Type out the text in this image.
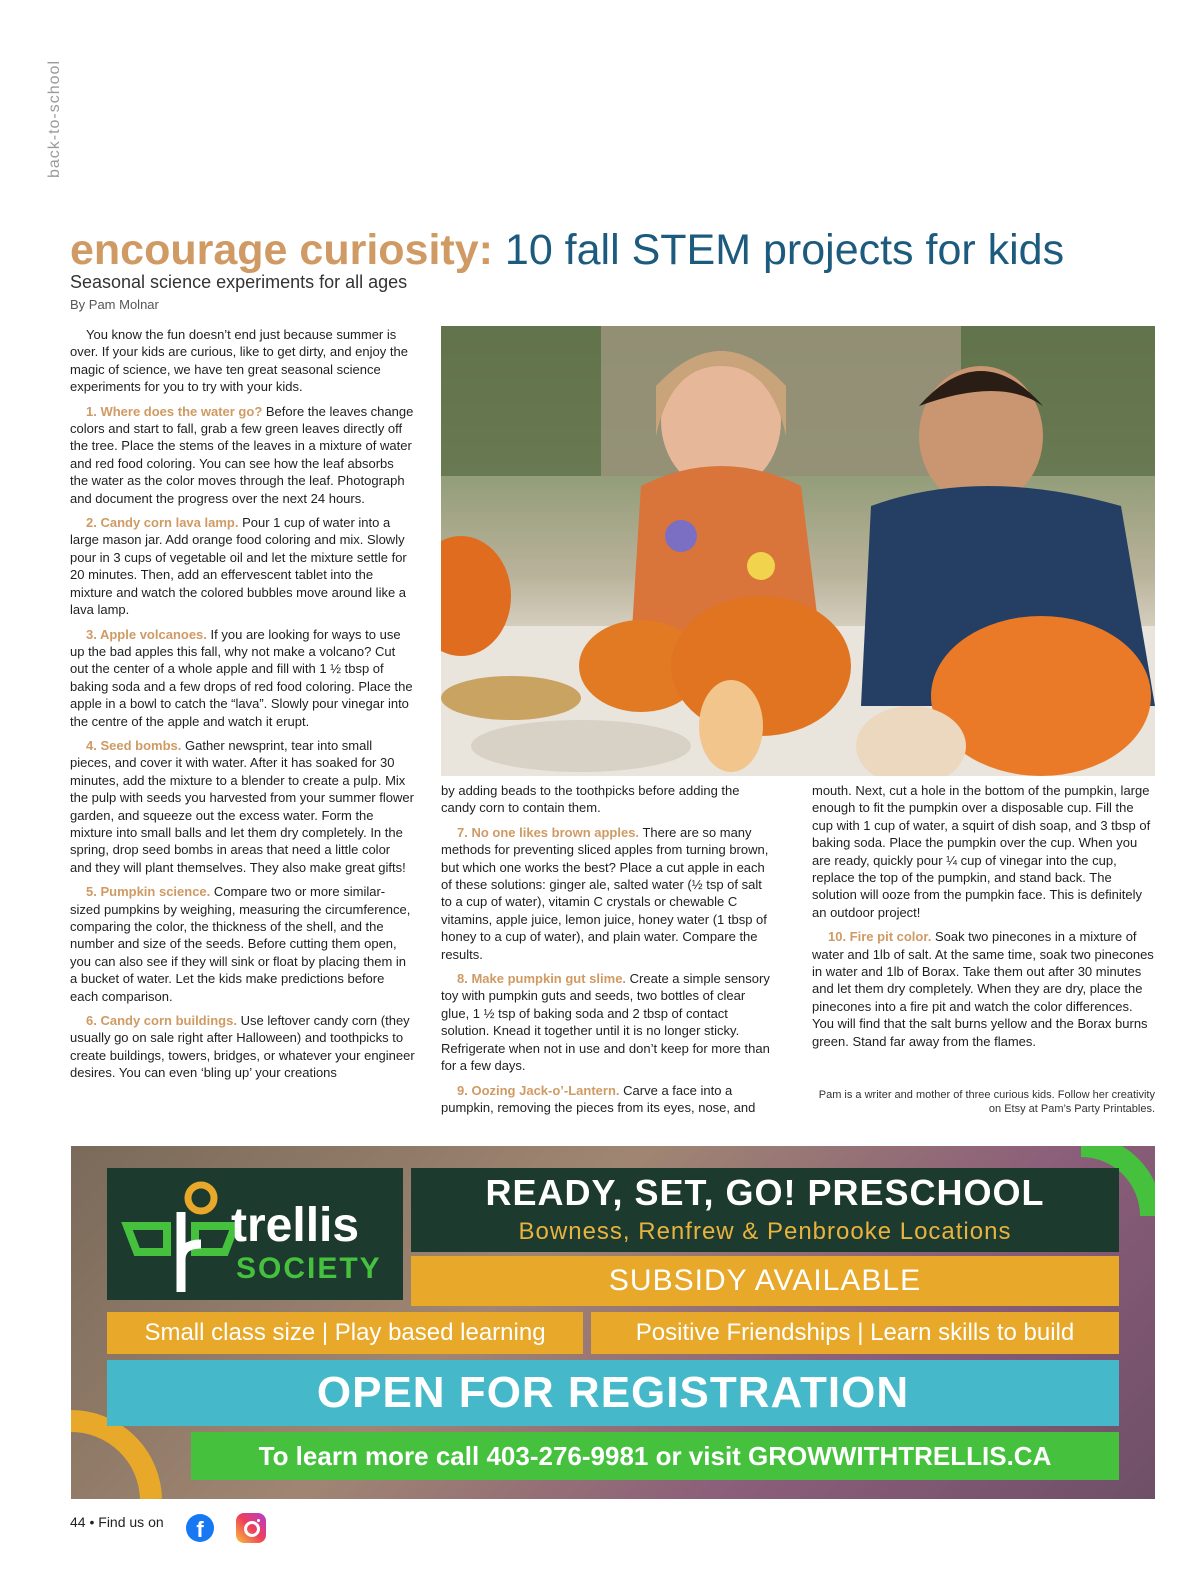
back-to-school
encourage curiosity: 10 fall STEM projects for kids
Seasonal science experiments for all ages
By Pam Molnar

You know the fun doesn’t end just because summer is over. If your kids are curious, like to get dirty, and enjoy the magic of science, we have ten great seasonal science experiments for you to try with your kids.

1. Where does the water go? Before the leaves change colors and start to fall, grab a few green leaves directly off the tree. Place the stems of the leaves in a mixture of water and red food coloring. You can see how the leaf absorbs the water as the color moves through the leaf. Photograph and document the progress over the next 24 hours.

2. Candy corn lava lamp. Pour 1 cup of water into a large mason jar. Add orange food coloring and mix. Slowly pour in 3 cups of vegetable oil and let the mixture settle for 20 minutes. Then, add an effervescent tablet into the mixture and watch the colored bubbles move around like a lava lamp.

3. Apple volcanoes. If you are looking for ways to use up the bad apples this fall, why not make a volcano? Cut out the center of a whole apple and fill with 1 ½ tbsp of baking soda and a few drops of red food coloring. Place the apple in a bowl to catch the “lava”. Slowly pour vinegar into the centre of the apple and watch it erupt.

4. Seed bombs. Gather newsprint, tear into small pieces, and cover it with water. After it has soaked for 30 minutes, add the mixture to a blender to create a pulp. Mix the pulp with seeds you harvested from your summer flower garden, and squeeze out the excess water. Form the mixture into small balls and let them dry completely. In the spring, drop seed bombs in areas that need a little color and they will plant themselves. They also make great gifts!

5. Pumpkin science. Compare two or more similar-sized pumpkins by weighing, measuring the circumference, comparing the color, the thickness of the shell, and the number and size of the seeds. Before cutting them open, you can also see if they will sink or float by placing them in a bucket of water. Let the kids make predictions before each comparison.

6. Candy corn buildings. Use leftover candy corn (they usually go on sale right after Halloween) and toothpicks to create buildings, towers, bridges, or whatever your engineer desires. You can even ‘bling up’ your creations

by adding beads to the toothpicks before adding the candy corn to contain them.

7. No one likes brown apples. There are so many methods for preventing sliced apples from turning brown, but which one works the best? Place a cut apple in each of these solutions: ginger ale, salted water (½ tsp of salt to a cup of water), vitamin C crystals or chewable C vitamins, apple juice, lemon juice, honey water (1 tbsp of honey to a cup of water), and plain water. Compare the results.

8. Make pumpkin gut slime. Create a simple sensory toy with pumpkin guts and seeds, two bottles of clear glue, 1 ½ tsp of baking soda and 2 tbsp of contact solution. Knead it together until it is no longer sticky. Refrigerate when not in use and don’t keep for more than for a few days.

9. Oozing Jack-o’-Lantern. Carve a face into a pumpkin, removing the pieces from its eyes, nose, and

mouth. Next, cut a hole in the bottom of the pumpkin, large enough to fit the pumpkin over a disposable cup. Fill the cup with 1 cup of water, a squirt of dish soap, and 3 tbsp of baking soda. Place the pumpkin over the cup. When you are ready, quickly pour ¼ cup of vinegar into the cup, replace the top of the pumpkin, and stand back. The solution will ooze from the pumpkin face. This is definitely an outdoor project!

10. Fire pit color. Soak two pinecones in a mixture of water and 1lb of salt. At the same time, soak two pinecones in water and 1lb of Borax. Take them out after 30 minutes and let them dry completely. When they are dry, place the pinecones into a fire pit and watch the color differences. You will find that the salt burns yellow and the Borax burns green. Stand far away from the flames.

Pam is a writer and mother of three curious kids. Follow her creativity on Etsy at Pam’s Party Printables.
trellis
SOCIETY
READY, SET, GO! PRESCHOOL
Bowness, Renfrew & Penbrooke Locations
SUBSIDY AVAILABLE
Small class size | Play based learning	Positive Friendships | Learn skills to build
OPEN FOR REGISTRATION
To learn more call 403-276-9981 or visit GROWWITHTRELLIS.CA
44 • Find us on	f
